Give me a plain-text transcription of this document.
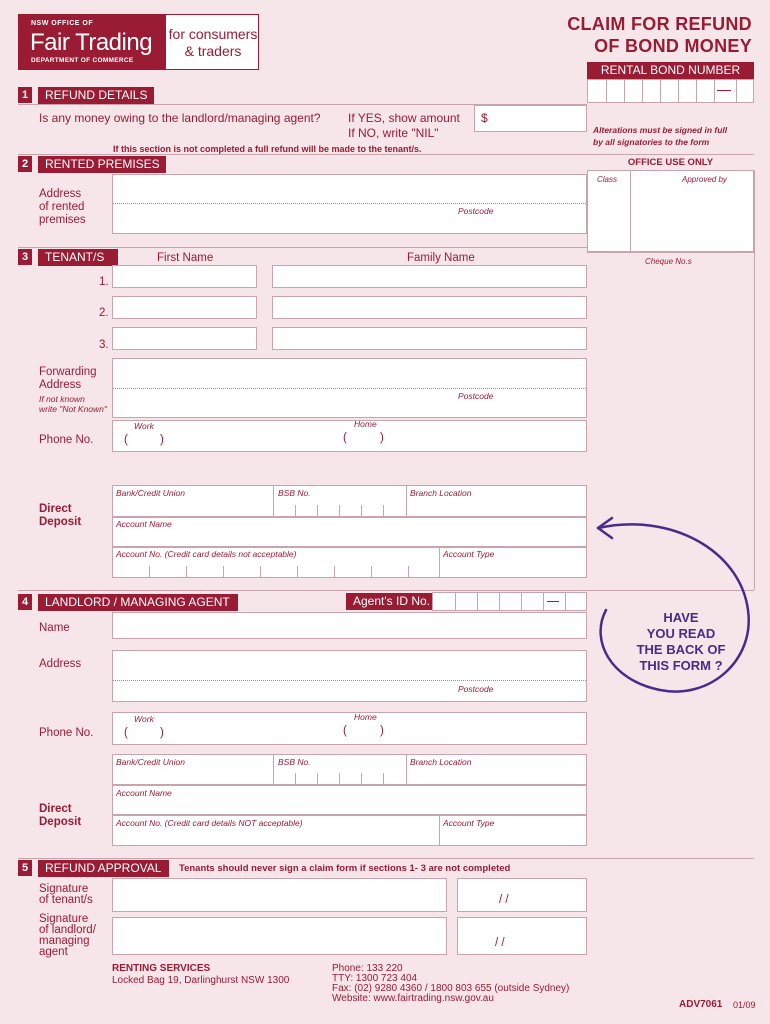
NSW OFFICE OF
Fair Trading
DEPARTMENT OF COMMERCE
for consumers
& traders
CLAIM FOR REFUND
OF BOND MONEY
RENTAL BOND NUMBER
1	REFUND DETAILS
Is any money owing to the landlord/managing agent? If YES, show amount
If NO, write "NIL"
$
If this section is not completed a full refund will be made to the tenant/s.
Alterations must be signed in full
by all signatories to the form
OFFICE USE ONLY
Class	Approved by
Cheque No.s
2	RENTED PREMISES
Address
of rented
premises
Postcode
3	TENANT/S	First Name	Family Name
1.
2.
3.
Forwarding
Address
If not known
write "Not Known"
Postcode
Work	Home
Phone No.	(	)	(	)
Bank/Credit Union	BSB No.	Branch Location
Direct
Deposit	Account Name
Account No. (Credit card details not acceptable)	Account Type
4	LANDLORD / MANAGING AGENT	Agent's ID No.
Name
Address
Postcode
Work	Home
Phone No.	(	)	(	)
Bank/Credit Union	BSB No.	Branch Location
Account Name
Direct
Deposit	Account No. (Credit card details NOT acceptable)	Account Type
HAVE
YOU READ
THE BACK OF
THIS FORM ?
5	REFUND APPROVAL	Tenants should never sign a claim form if sections 1- 3 are not completed
Signature
of tenant/s	/ /
Signature
of landlord/
managing
agent
/ /
RENTING SERVICES
Locked Bag 19, Darlinghurst NSW 1300
Phone: 133 220
TTY: 1300 723 404
Fax: (02) 9280 4360 / 1800 803 655 (outside Sydney)
Website: www.fairtrading.nsw.gov.au
ADV7061 01/09
